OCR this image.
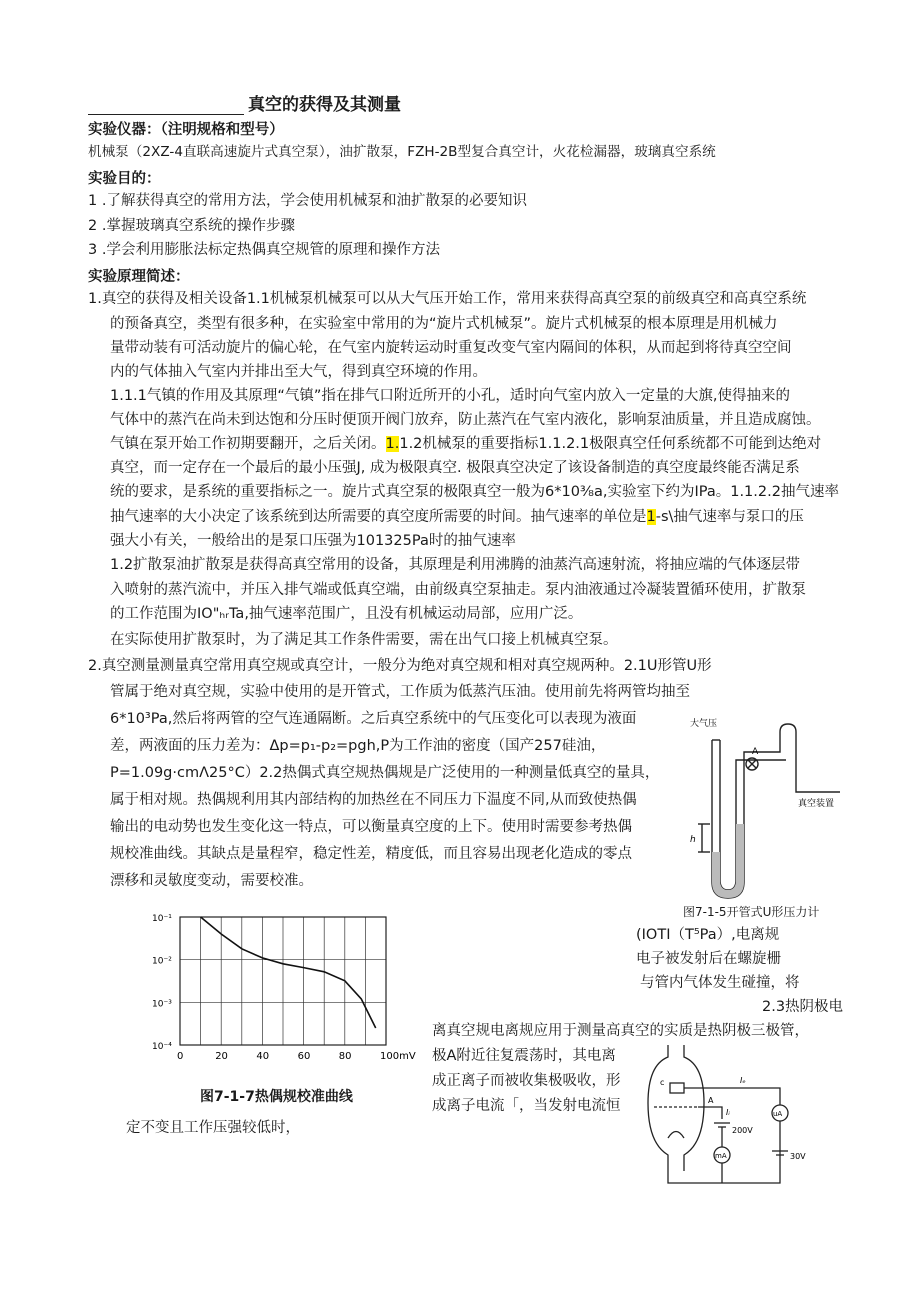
真空的获得及其测量
实验仪器：（注明规格和型号）
机械泵（2XZ-4直联高速旋片式真空泵），油扩散泵，FZH-2B型复合真空计，火花检漏器，玻璃真空系统
实验目的：
1 .了解获得真空的常用方法，学会使用机械泵和油扩散泵的必要知识
2 .掌握玻璃真空系统的操作步骤
3 .学会利用膨胀法标定热偶真空规管的原理和操作方法
实验原理简述：
1.真空的获得及相关设备1.1机械泵机械泵可以从大气压开始工作，常用来获得高真空泵的前级真空和高真空系统
的预备真空，类型有很多种，在实验室中常用的为“旋片式机械泵”。旋片式机械泵的根本原理是用机械力
量带动装有可活动旋片的偏心轮，在气室内旋转运动时重复改变气室内隔间的体积，从而起到将待真空空间
内的气体抽入气室内并排出至大气，得到真空环境的作用。
1.1.1气镇的作用及其原理“气镇”指在排气口附近所开的小孔，适时向气室内放入一定量的大旗,使得抽来的
气体中的蒸汽在尚未到达饱和分压时便顶开阀门放弃，防止蒸汽在气室内液化，影响泵油质量，并且造成腐蚀。
气镇在泵开始工作初期要翻开，之后关闭。1.1.2机械泵的重要指标1.1.2.1极限真空任何系统都不可能到达绝对
真空，而一定存在一个最后的最小压强J, 成为极限真空. 极限真空决定了该设备制造的真空度最终能否满足系
统的要求，是系统的重要指标之一。旋片式真空泵的极限真空一般为6*10⅜a,实验室下约为IPa。1.1.2.2抽气速率
抽气速率的大小决定了该系统到达所需要的真空度所需要的时间。抽气速率的单位是1-s\抽气速率与泵口的压
强大小有关，一般给出的是泵口压强为101325Pa时的抽气速率
1.2扩散泵油扩散泵是获得高真空常用的设备，其原理是利用沸腾的油蒸汽高速射流，将抽应端的气体逐层带
入喷射的蒸汽流中，并压入排气端或低真空端，由前级真空泵抽走。泵内油液通过冷凝装置循环使用，扩散泵
的工作范围为IO"ₕᵣTa,抽气速率范围广，且没有机械运动局部，应用广泛。
在实际使用扩散泵时，为了满足其工作条件需要，需在出气口接上机械真空泵。
2.真空测量测量真空常用真空规或真空计，一般分为绝对真空规和相对真空规两种。2.1U形管U形
管属于绝对真空规，实验中使用的是开管式，工作质为低蒸汽压油。使用前先将两管均抽至
6*10³Pa,然后将两管的空气连通隔断。之后真空系统中的气压变化可以表现为液面
差，两液面的压力差为：Δp=p₁-p₂=pgh,P为工作油的密度（国产257硅油，
P=1.09g·cmΛ25°C）2.2热偶式真空规热偶规是广泛使用的一种测量低真空的量具，
属于相对规。热偶规利用其内部结构的加热丝在不同压力下温度不同,从而致使热偶
输出的电动势也发生变化这一特点，可以衡量真空度的上下。使用时需要参考热偶
规校准曲线。其缺点是量程窄，稳定性差，精度低，而且容易出现老化造成的零点
漂移和灵敏度变动，需要校准。
大气压
A
真空装置
h
图7-1-5开管式U形压力计
(IOTI（T⁵Pa）,电离规
电子被发射后在螺旋栅
与管内气体发生碰撞，将
2.3热阴极电
离真空规电离规应用于测量高真空的实质是热阴极三极管，
极A附近往复震荡时，其电离
成正离子而被收集极吸收，形
成离子电流「，当发射电流恒
10⁻¹
10⁻²
10⁻³
10⁻⁴
0	20	40	60	80	100mV
图7-1-7热偶规校准曲线
c
A
Iₑ
Iᵢ	uA
mA
200V
30V
定不变且工作压强较低时，
